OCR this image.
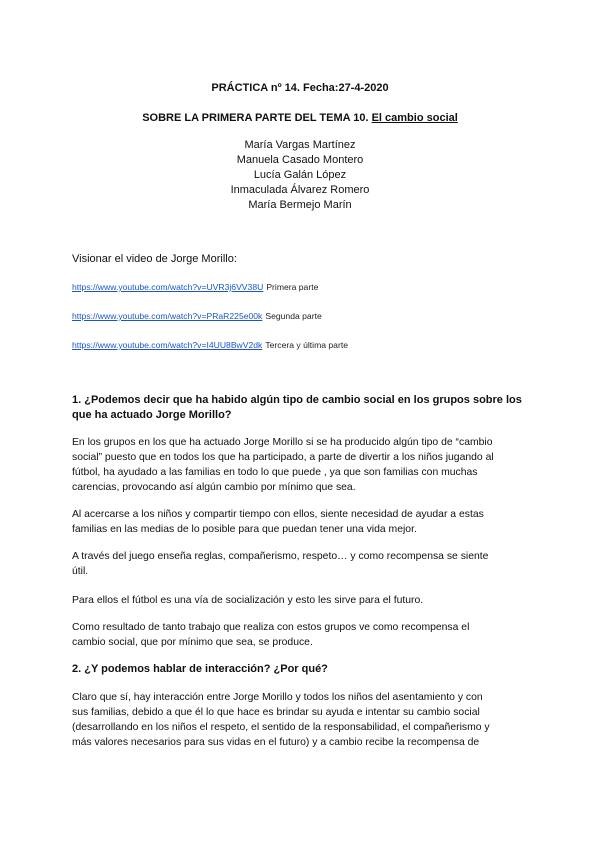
PRÁCTICA nº 14. Fecha:27-4-2020
SOBRE LA PRIMERA PARTE DEL TEMA 10. El cambio social
María Vargas Martínez
Manuela Casado Montero
Lucía Galán López
Inmaculada Álvarez Romero
María Bermejo Marín
Visionar el video de Jorge Morillo:
https://www.youtube.com/watch?v=UVR3j6VV38U Primera parte
https://www.youtube.com/watch?v=PRaR225e00k Segunda parte
https://www.youtube.com/watch?v=I4UU8BwV2dk Tercera y última parte
1. ¿Podemos decir que ha habido algún tipo de cambio social en los grupos sobre los
que ha actuado Jorge Morillo?
En los grupos en los que ha actuado Jorge Morillo si se ha producido algún tipo de “cambio
social” puesto que en todos los que ha participado, a parte de divertir a los niños jugando al
fútbol, ha ayudado a las familias en todo lo que puede , ya que son familias con muchas
carencias, provocando así algún cambio por mínimo que sea.
Al acercarse a los niños y compartir tiempo con ellos, siente necesidad de ayudar a estas
familias en las medias de lo posible para que puedan tener una vida mejor.
A través del juego enseña reglas, compañerismo, respeto… y como recompensa se siente
útil.
Para ellos el fútbol es una vía de socialización y esto les sirve para el futuro.
Como resultado de tanto trabajo que realiza con estos grupos ve como recompensa el
cambio social, que por mínimo que sea, se produce.
2. ¿Y podemos hablar de interacción? ¿Por qué?
Claro que sí, hay interacción entre Jorge Morillo y todos los niños del asentamiento y con
sus familias, debido a que él lo que hace es brindar su ayuda e intentar su cambio social
(desarrollando en los niños el respeto, el sentido de la responsabilidad, el compañerismo y
más valores necesarios para sus vidas en el futuro) y a cambio recibe la recompensa de
